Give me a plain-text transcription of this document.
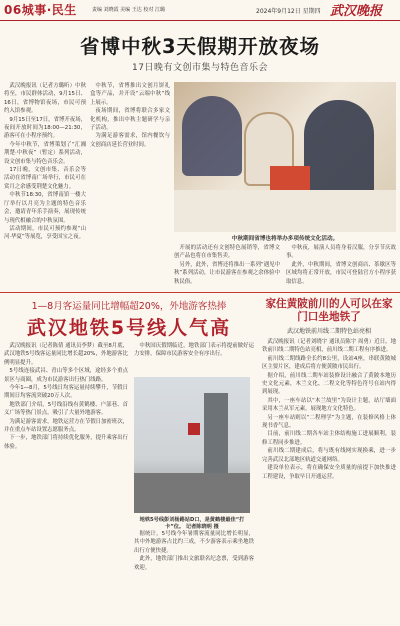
06城事·民生	责编 刘晓霞 美编 王达 校对 江璐	2024年9月12日 星期四 武汉晚报
省博中秋3天假期开放夜场
17日晚有文创市集与特色音乐会

武汉晚报讯（记者方璐昕）中秋将至，市民群体活动，9月15日、16日，省博物馆夜场，市民可预约入馆参观。

9月15日至17日，省博开夜场，夜间开放时间为18:00—21:30，游客可在小程序预约。

今年中秋节，省博策划了“汇湘荆楚·中秋夜”（暂定）系列活动，设文创市集与特色音乐会。

17日晚，文创市集、音乐会等活动在省博南广场举行，市民可在赏月之余感受荆楚文化魅力。

中秋节18:30，省博南馆一楼大厅举行以月亮为主题的特色音乐会，邀请青年乐手演奏，展现传统与现代相融合的中秋氛围。

活动期间，市民可预约参观“山河·华夏”等展览，享受国宝之夜。

中秋节，省博推出文创月饼礼盒等产品，并开设“云端中秋”线上展示。

夜场期间，省博将联合多家文化机构，推出中秋主题研学与亲子活动。

为满足游客需求，馆内餐饮与文创商店延长营业时间。

中秋期间省博也将举办多项传统文化活动。

开展的活动还有文创特色展销等，省博文创产品也将在市集售卖。

另外，此外，省博还将推出一系列“遇见中秋”系列活动，让市民游客在参观之余体验中秋民俗。

中秋夜，展演人员将身着汉服，分享节庆故事。

此外，中秋期间，省博文创商店、茶歇区等区域均将正常开放，市民可登陆官方小程序获取信息。

1—8月客运量同比增幅超20%，外地游客热捧
武汉地铁5号线人气高

武汉晚报讯（记者陈倩 通讯员李梦）截至8月底，武汉地铁5号线客运量同比增长超20%，外地游客比例明显提升。

5号线连接武昌、青山等多个区域，途经多个重点景区与商圈，成为市民游客出行热门线路。

今年1—8月，5号线日均客运量持续攀升，节假日期间日均客流突破20万人次。

地铁部门介绍，5号线沿线有黄鹤楼、户部巷、首义广场等热门景点，吸引了大量外地游客。

为满足游客需求，地铁运营方在节假日加密班次，并在重点车站设置志愿服务点。

下一步，地铁部门将持续优化服务，提升乘客出行体验。

中秋国庆假期临近，地铁部门表示将提前做好运力安排，保障市民游客安全有序出行。

地铁5号线彭刘杨路站D口，是黄鹤楼最佳“打卡”位。 记者陈晓明 摄

据统计，5号线今年暑期客流量同比增长明显，其中外地游客占比约三成，不少游客表示乘坐地铁出行方便快捷。

此外，地铁部门推出文旅联名纪念票，受到游客欢迎。

家住黄陂前川的人可以在家门口坐地铁了
武汉地铁前川线二期特色站亮相

武汉晚报讯（记者刘晓宇 通讯员陈宇 周勇）近日，地铁前川线二期特色站亮相，前川线二期工程有序推进。

前川线二期线路全长约8公里，设站4座，串联黄陂城区主要片区，建成后将方便黄陂市民出行。

据介绍，前川线二期车站装修设计融合了黄陂本地历史文化元素，木兰文化、二程文化等特色符号在站内得到展现。

其中，一座车站以“木兰故里”为设计主题，站厅墙面采用木兰从军元素，展现地方文化特色。

另一座车站则以“二程理学”为主题，在装修风格上体现书香气息。

目前，前川线二期各车站主体结构施工进展顺利，装修工程同步推进。

前川线二期建成后，将与既有线网实现换乘，进一步完善武汉北部地区轨道交通网络。

建设单位表示，将在确保安全质量的前提下加快推进工程建设，争取早日开通运营。
